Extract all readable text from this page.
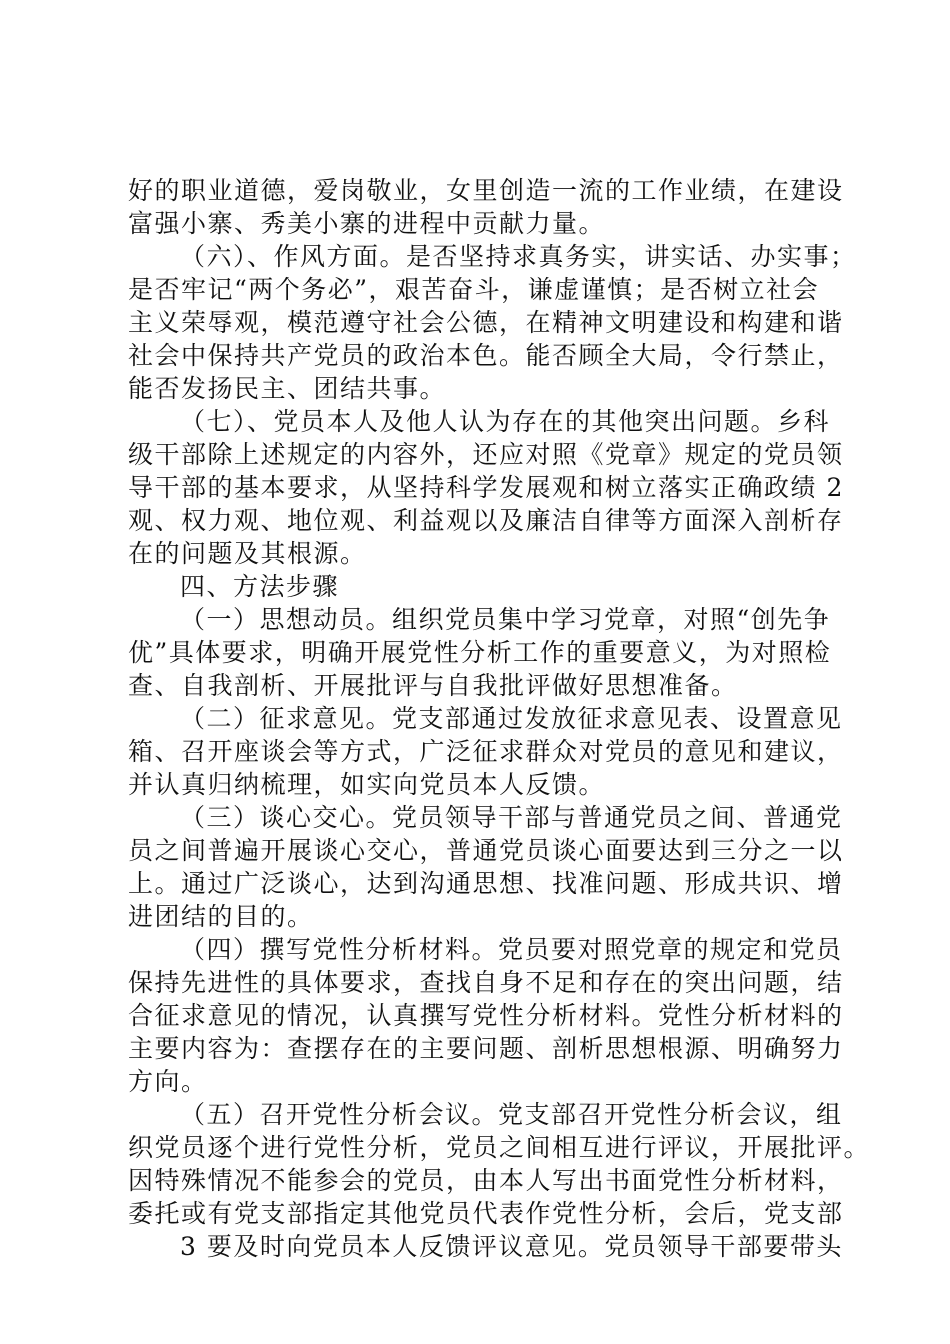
好的职业道德，爱岗敬业，女里创造一流的工作业绩，在建设
富强小寨、秀美小寨的进程中贡献力量。
（六）、作风方面。是否坚持求真务实，讲实话、办实事；
是否牢记“两个务必”，艰苦奋斗，谦虚谨慎；是否树立社会
主义荣辱观，模范遵守社会公德，在精神文明建设和构建和谐
社会中保持共产党员的政治本色。能否顾全大局，令行禁止，
能否发扬民主、团结共事。
（七）、党员本人及他人认为存在的其他突出问题。乡科
级干部除上述规定的内容外，还应对照《党章》规定的党员领
导干部的基本要求，从坚持科学发展观和树立落实正确政绩 2
观、权力观、地位观、利益观以及廉洁自律等方面深入剖析存
在的问题及其根源。
四、方法步骤
（一）思想动员。组织党员集中学习党章，对照“创先争
优”具体要求，明确开展党性分析工作的重要意义，为对照检
查、自我剖析、开展批评与自我批评做好思想准备。
（二）征求意见。党支部通过发放征求意见表、设置意见
箱、召开座谈会等方式，广泛征求群众对党员的意见和建议，
并认真归纳梳理，如实向党员本人反馈。
（三）谈心交心。党员领导干部与普通党员之间、普通党
员之间普遍开展谈心交心，普通党员谈心面要达到三分之一以
上。通过广泛谈心，达到沟通思想、找准问题、形成共识、增
进团结的目的。
（四）撰写党性分析材料。党员要对照党章的规定和党员
保持先进性的具体要求，查找自身不足和存在的突出问题，结
合征求意见的情况，认真撰写党性分析材料。党性分析材料的
主要内容为：查摆存在的主要问题、剖析思想根源、明确努力
方向。
（五）召开党性分析会议。党支部召开党性分析会议，组
织党员逐个进行党性分析，党员之间相互进行评议，开展批评。
因特殊情况不能参会的党员，由本人写出书面党性分析材料，
委托或有党支部指定其他党员代表作党性分析，会后，党支部
3 要及时向党员本人反馈评议意见。党员领导干部要带头
